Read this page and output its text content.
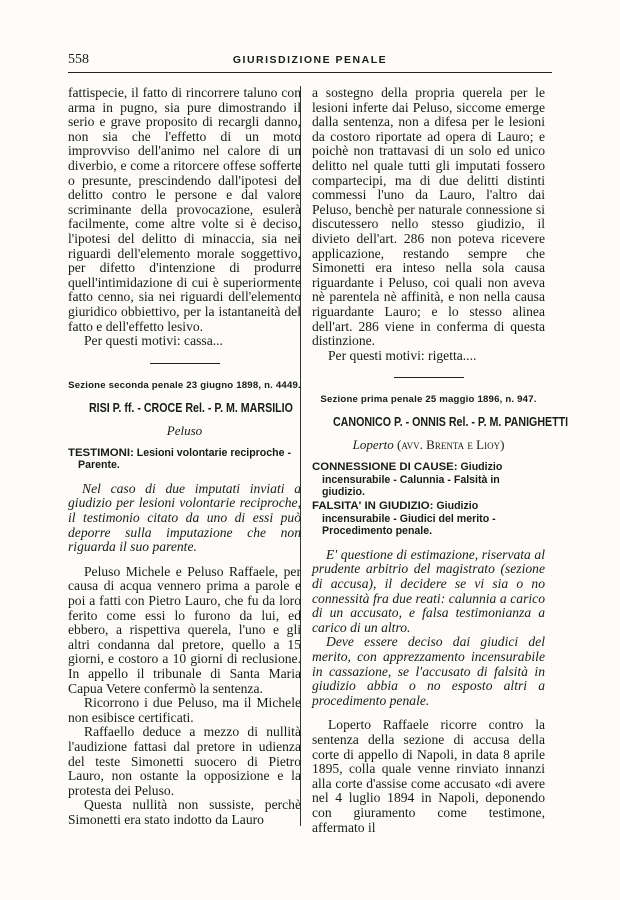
558	GIURISDIZIONE PENALE

fattispecie, il fatto di rincorrere taluno con arma in pugno, sia pure dimostrando il serio e grave proposito di recargli danno, non sia che l'effetto di un moto improvviso dell'animo nel calore di un diverbio, e come a ritorcere offese sofferte o presunte, prescindendo dall'ipotesi del delitto contro le persone e dal valore scriminante della provocazione, esulerà facilmente, come altre volte si è deciso, l'ipotesi del delitto di minaccia, sia nei riguardi dell'elemento morale soggettivo, per difetto d'intenzione di produrre quell'intimidazione di cui è superiormente fatto cenno, sia nei riguardi dell'elemento giuridico obbiettivo, per la istantaneità del fatto e dell'effetto lesivo.

Per questi motivi: cassa...

Sezione seconda penale 23 giugno 1898, n. 4449.
RISI P. ff. - CROCE Rel. - P. M. MARSILIO
Peluso

TESTIMONI: Lesioni volontarie reciproche - Parente.

Nel caso di due imputati inviati a giudizio per lesioni volontarie reciproche, il testimonio citato da uno di essi può deporre sulla imputazione che non riguarda il suo parente.

Peluso Michele e Peluso Raffaele, per causa di acqua vennero prima a parole e poi a fatti con Pietro Lauro, che fu da loro ferito come essi lo furono da lui, ed ebbero, a rispettiva querela, l'uno e gli altri condanna dal pretore, quello a 15 giorni, e costoro a 10 giorni di reclusione. In appello il tribunale di Santa Maria Capua Vetere confermò la sentenza.

Ricorrono i due Peluso, ma il Michele non esibisce certificati.

Raffaello deduce a mezzo di nullità l'audizione fattasi dal pretore in udienza del teste Simonetti suocero di Pietro Lauro, non ostante la opposizione e la protesta dei Peluso.

Questa nullità non sussiste, perchè Simonetti era stato indotto da Lauro

a sostegno della propria querela per le lesioni inferte dai Peluso, siccome emerge dalla sentenza, non a difesa per le lesioni da costoro riportate ad opera di Lauro; e poichè non trattavasi di un solo ed unico delitto nel quale tutti gli imputati fossero compartecipi, ma di due delitti distinti commessi l'uno da Lauro, l'altro dai Peluso, benchè per naturale connessione si discutessero nello stesso giudizio, il divieto dell'art. 286 non poteva ricevere applicazione, restando sempre che Simonetti era inteso nella sola causa riguardante i Peluso, coi quali non aveva nè parentela nè affinità, e non nella causa riguardante Lauro; e lo stesso alinea dell'art. 286 viene in conferma di questa distinzione.

Per questi motivi: rigetta....

Sezione prima penale 25 maggio 1896, n. 947.
CANONICO P. - ONNIS Rel. - P. M. PANIGHETTI
Loperto (avv. Brenta e Lioy)

CONNESSIONE DI CAUSE: Giudizio incensurabile - Calunnia - Falsità in giudizio.

FALSITA' IN GIUDIZIO: Giudizio incensurabile - Giudici del merito - Procedimento penale.

E' questione di estimazione, riservata al prudente arbitrio del magistrato (sezione di accusa), il decidere se vi sia o no connessità fra due reati: calunnia a carico di un accusato, e falsa testimonianza a carico di un altro.

Deve essere deciso dai giudici del merito, con apprezzamento incensurabile in cassazione, se l'accusato di falsità in giudizio abbia o no esposto altri a procedimento penale.

Loperto Raffaele ricorre contro la sentenza della sezione di accusa della corte di appello di Napoli, in data 8 aprile 1895, colla quale venne rinviato innanzi alla corte d'assise come accusato «di avere nel 4 luglio 1894 in Napoli, deponendo con giuramento come testimone, affermato il
